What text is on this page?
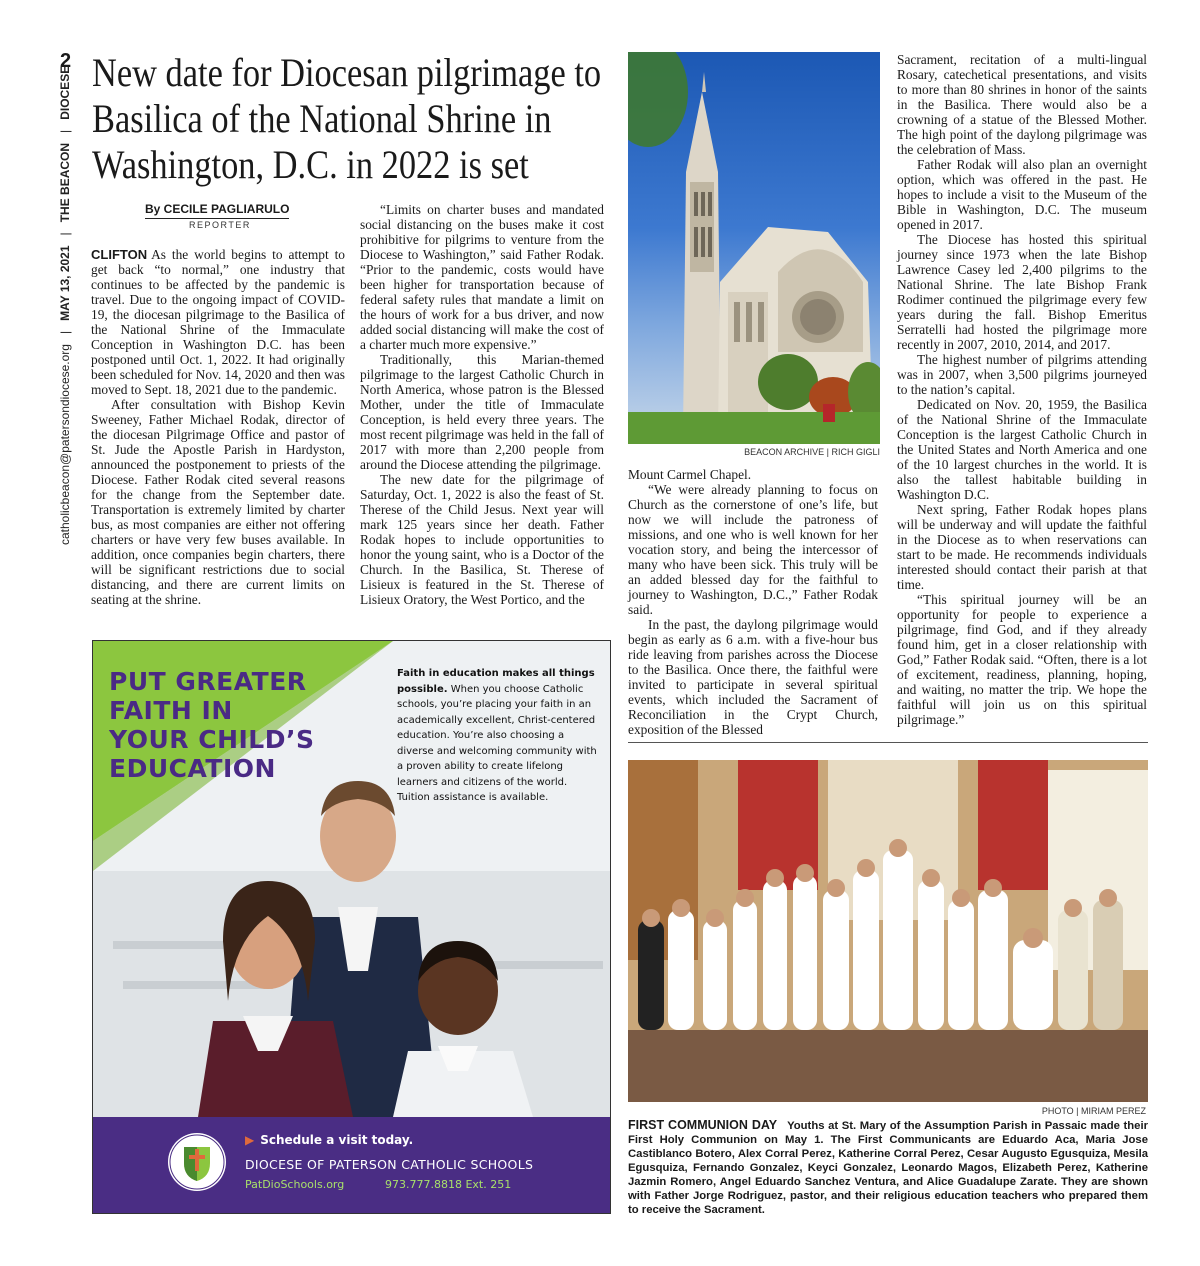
2
catholicbeacon@patersondiocese.org   |   MAY 13, 2021   |   THE BEACON   |   DIOCESE New date for Diocesan pilgrimage to Basilica of the National Shrine in Washington, D.C. in 2022 is set
By CECILE PAGLIARULO
REPORTER

CLIFTON As the world begins to attempt to get back “to normal,” one industry that continues to be affected by the pandemic is travel. Due to the ongoing impact of COVID-19, the diocesan pilgrimage to the Basilica of the National Shrine of the Immaculate Conception in Washington D.C. has been postponed until Oct. 1, 2022. It had originally been scheduled for Nov. 14, 2020 and then was moved to Sept. 18, 2021 due to the pandemic.

After consultation with Bishop Kevin Sweeney, Father Michael Rodak, director of the diocesan Pilgrimage Office and pastor of St. Jude the Apostle Parish in Hardyston, announced the postponement to priests of the Diocese. Father Rodak cited several reasons for the change from the September date. Transportation is extremely limited by charter bus, as most companies are either not offering charters or have very few buses available. In addition, once companies begin charters, there will be significant restrictions due to social distancing, and there are current limits on seating at the shrine.

“Limits on charter buses and mandated social distancing on the buses make it cost prohibitive for pilgrims to venture from the Diocese to Washington,” said Father Rodak. “Prior to the pandemic, costs would have been higher for transportation because of federal safety rules that mandate a limit on the hours of work for a bus driver, and now added social distancing will make the cost of a charter much more expensive.”

Traditionally, this Marian-themed pilgrimage to the largest Catholic Church in North America, whose patron is the Blessed Mother, under the title of Immaculate Conception, is held every three years. The most recent pilgrimage was held in the fall of 2017 with more than 2,200 people from around the Diocese attending the pilgrimage.

The new date for the pilgrimage of Saturday, Oct. 1, 2022 is also the feast of St. Therese of the Child Jesus. Next year will mark 125 years since her death. Father Rodak hopes to include opportunities to honor the young saint, who is a Doctor of the Church. In the Basilica, St. Therese of Lisieux is featured in the St. Therese of Lisieux Oratory, the West Portico, and the

BEACON ARCHIVE | RICH GIGLI

Mount Carmel Chapel.

“We were already planning to focus on Church as the cornerstone of one’s life, but now we will include the patroness of missions, and one who is well known for her vocation story, and being the intercessor of many who have been sick. This truly will be an added blessed day for the faithful to journey to Washington, D.C.,” Father Rodak said.

In the past, the daylong pilgrimage would begin as early as 6 a.m. with a five-hour bus ride leaving from parishes across the Diocese to the Basilica. Once there, the faithful were invited to participate in several spiritual events, which included the Sacrament of Reconciliation in the Crypt Church, exposition of the Blessed

Sacrament, recitation of a multi-lingual Rosary, catechetical presentations, and visits to more than 80 shrines in honor of the saints in the Basilica. There would also be a crowning of a statue of the Blessed Mother. The high point of the daylong pilgrimage was the celebration of Mass.

Father Rodak will also plan an overnight option, which was offered in the past. He hopes to include a visit to the Museum of the Bible in Washington, D.C. The museum opened in 2017.

The Diocese has hosted this spiritual journey since 1973 when the late Bishop Lawrence Casey led 2,400 pilgrims to the National Shrine. The late Bishop Frank Rodimer continued the pilgrimage every few years during the fall. Bishop Emeritus Serratelli had hosted the pilgrimage more recently in 2007, 2010, 2014, and 2017.

The highest number of pilgrims attending was in 2007, when 3,500 pilgrims journeyed to the nation’s capital.

Dedicated on Nov. 20, 1959, the Basilica of the National Shrine of the Immaculate Conception is the largest Catholic Church in the United States and North America and one of the 10 largest churches in the world. It is also the tallest habitable building in Washington D.C.

Next spring, Father Rodak hopes plans will be underway and will update the faithful in the Diocese as to when reservations can start to be made. He recommends individuals interested should contact their parish at that time.

“This spiritual journey will be an opportunity for people to experience a pilgrimage, find God, and if they already found him, get in a closer relationship with God,” Father Rodak said. “Often, there is a lot of excitement, readiness, planning, hoping, and waiting, no matter the trip. We hope the faithful will join us on this spiritual pilgrimage.”

PHOTO | MIRIAM PEREZ
FIRST COMMUNION DAY Youths at St. Mary of the Assumption Parish in Passaic made their First Holy Communion on May 1. The First Communicants are Eduardo Aca, Maria Jose Castiblanco Botero, Alex Corral Perez, Katherine Corral Perez, Cesar Augusto Egusquiza, Mesila Egusquiza, Fernando Gonzalez, Keyci Gonzalez, Leonardo Magos, Elizabeth Perez, Katherine Jazmin Romero, Angel Eduardo Sanchez Ventura, and Alice Guadalupe Zarate. They are shown with Father Jorge Rodriguez, pastor, and their religious education teachers who prepared them to receive the Sacrament.
PUT GREATER
FAITH IN
YOUR CHILD’S
EDUCATION
Faith in education makes all things possible. When you choose Catholic schools, you’re placing your faith in an academically excellent, Christ-centered education. You’re also choosing a diverse and welcoming community with a proven ability to create lifelong learners and citizens of the world. Tuition assistance is available.
▶ Schedule a visit today.
DIOCESE OF PATERSON CATHOLIC SCHOOLS
PatDioSchools.org	973.777.8818 Ext. 251
